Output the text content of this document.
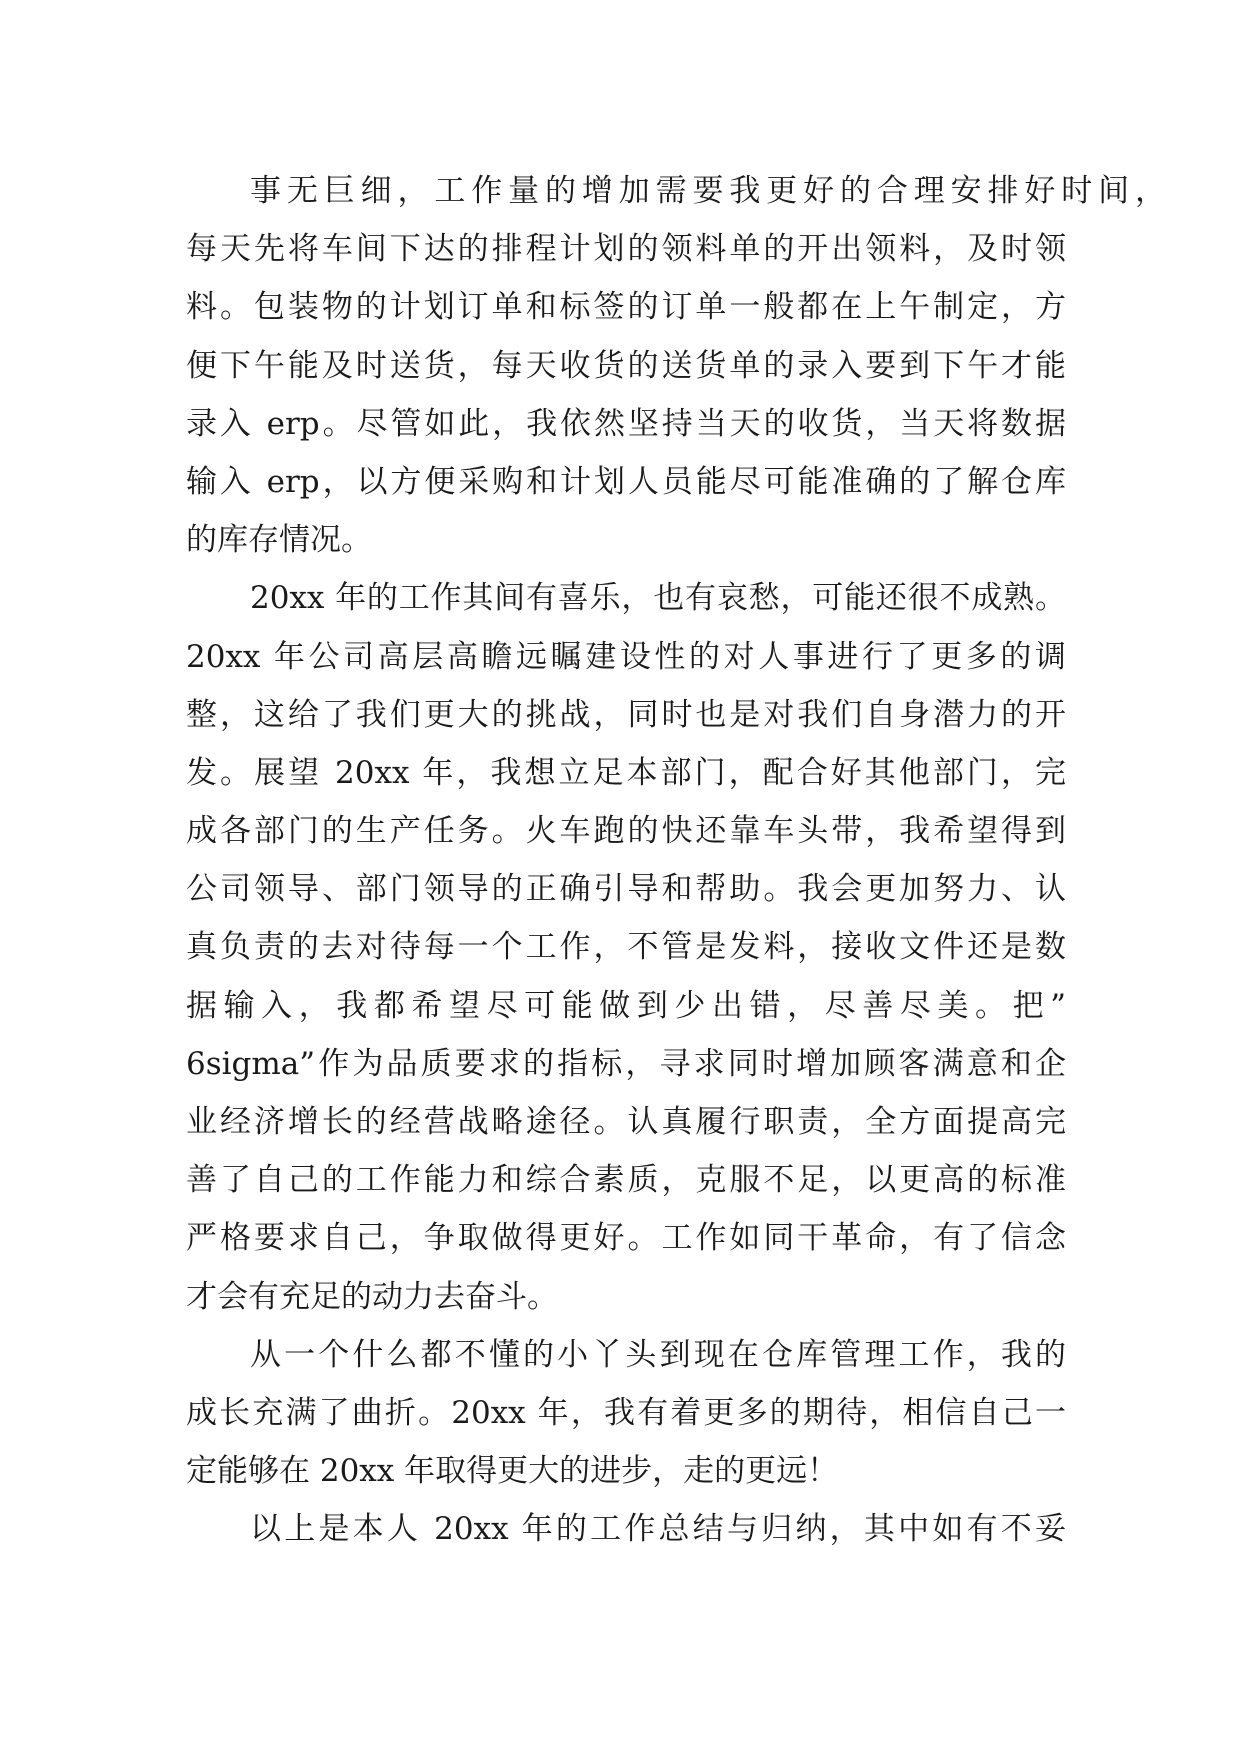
事无巨细，工作量的增加需要我更好的合理安排好时间，
每天先将车间下达的排程计划的领料单的开出领料，及时领
料。包装物的计划订单和标签的订单一般都在上午制定，方
便下午能及时送货，每天收货的送货单的录入要到下午才能
录入 erp。尽管如此，我依然坚持当天的收货，当天将数据
输入 erp，以方便采购和计划人员能尽可能准确的了解仓库
的库存情况。
20xx 年的工作其间有喜乐，也有哀愁，可能还很不成熟。
20xx 年公司高层高瞻远瞩建设性的对人事进行了更多的调
整，这给了我们更大的挑战，同时也是对我们自身潜力的开
发。展望 20xx 年，我想立足本部门，配合好其他部门，完
成各部门的生产任务。火车跑的快还靠车头带，我希望得到
公司领导、部门领导的正确引导和帮助。我会更加努力、认
真负责的去对待每一个工作，不管是发料，接收文件还是数
据输入，我都希望尽可能做到少出错，尽善尽美。把”
6sigma”作为品质要求的指标，寻求同时增加顾客满意和企
业经济增长的经营战略途径。认真履行职责，全方面提高完
善了自己的工作能力和综合素质，克服不足，以更高的标准
严格要求自己，争取做得更好。工作如同干革命，有了信念
才会有充足的动力去奋斗。
从一个什么都不懂的小丫头到现在仓库管理工作，我的
成长充满了曲折。20xx 年，我有着更多的期待，相信自己一
定能够在 20xx 年取得更大的进步，走的更远！
以上是本人 20xx 年的工作总结与归纳，其中如有不妥
